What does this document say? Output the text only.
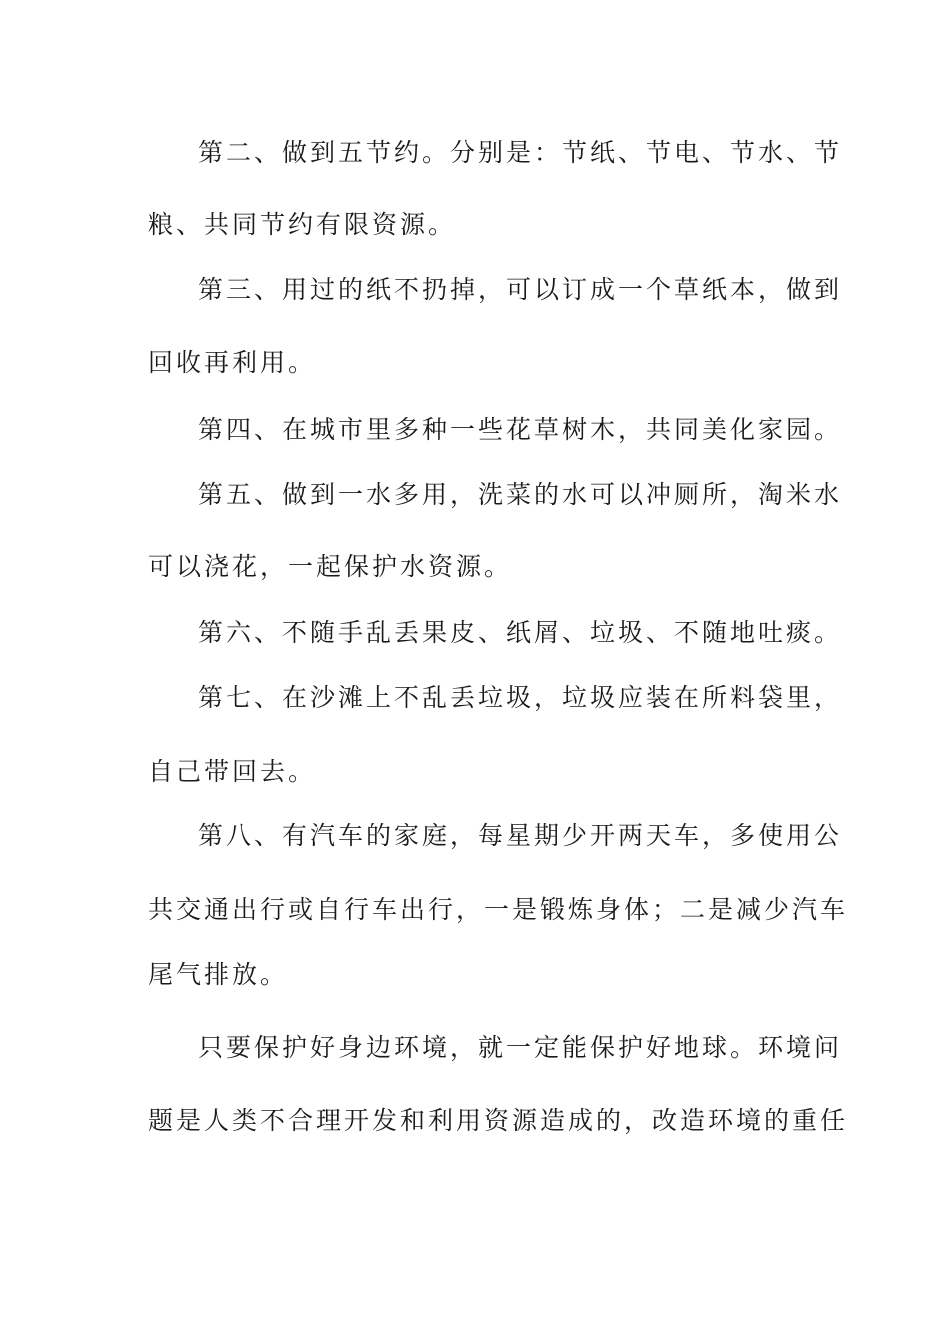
第二、做到五节约。分别是：节纸、节电、节水、节
粮、共同节约有限资源。
第三、用过的纸不扔掉，可以订成一个草纸本，做到
回收再利用。
第四、在城市里多种一些花草树木，共同美化家园。
第五、做到一水多用，洗菜的水可以冲厕所，淘米水
可以浇花，一起保护水资源。
第六、不随手乱丢果皮、纸屑、垃圾、不随地吐痰。
第七、在沙滩上不乱丢垃圾，垃圾应装在所料袋里，
自己带回去。
第八、有汽车的家庭，每星期少开两天车，多使用公
共交通出行或自行车出行，一是锻炼身体；二是减少汽车
尾气排放。
只要保护好身边环境，就一定能保护好地球。环境问
题是人类不合理开发和利用资源造成的，改造环境的重任
